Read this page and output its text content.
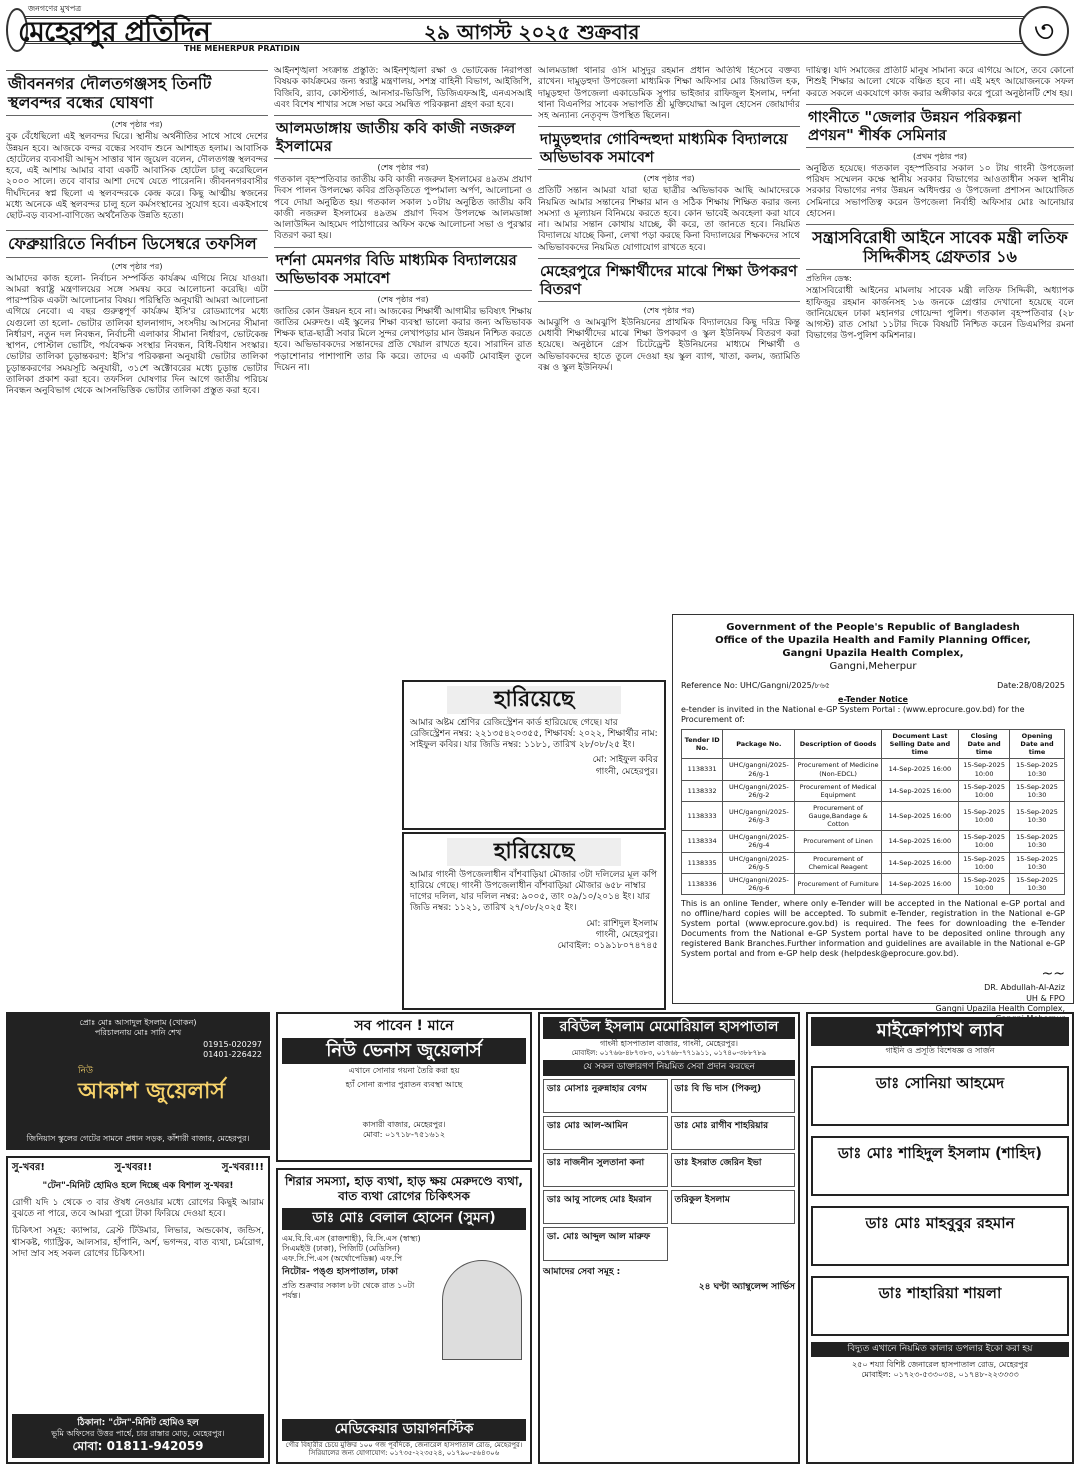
জনগণের মুখপত্র
মেহেরপুর প্রতিদিন
THE MEHERPUR PRATIDIN
২৯ আগস্ট ২০২৫ শুক্রবার	৩
জীবননগর দৌলতগঞ্জসহ তিনটি স্থলবন্দর বন্ধের ঘোষণা
(শেষ পৃষ্ঠার পর)

বুক বেঁধেছিলো এই স্থলবন্দর ঘিরে। স্থানীয় অর্থনীতির সাথে সাথে দেশের উন্নয়ন হবে। আজকে বন্দর বন্ধের সংবাদ শুনে আশাহত হলাম। আবাসিক হোটেলের ব্যবসায়ী আব্দুস সাত্তার খান জুয়েল বলেন, দৌলতগঞ্জ স্থলবন্দর হবে, এই আশায় আমার বাবা একটি আবাসিক হোটেল চালু করেছিলেন ২০০০ সালে। তবে বাবার আশা দেখে যেতে পারেননি। জীবননগরবাসীর দীর্ঘদিনের স্বপ্ন ছিলো এ স্থলবন্দরকে কেন্দ্র করে। কিছু আত্মীয় স্বজনের মধ্যে অনেকে এই স্থলবন্দর চালু হলে কর্মসংস্থানের সুযোগ হবে। একইসাথে ছোট-বড় ব্যবসা-বাণিজ্যে অর্থনৈতিক উন্নতি হতো।

ফেব্রুয়ারিতে নির্বাচন ডিসেম্বরে তফসিল
(শেষ পৃষ্ঠার পর)

আমাদের কাজ হলো- নির্বাচন সম্পর্কিত কার্যক্রম এগিয়ে নিয়ে যাওয়া। আমরা স্বরাষ্ট্র মন্ত্রণালয়ের সঙ্গে সমন্বয় করে আলোচনা করেছি। এটা পারস্পরিক একটা আলোচনার বিষয়। পরিস্থিতি অনুযায়ী আমরা আলোচনা এগিয়ে নেবো। এ বছর গুরুত্বপূর্ণ কার্যক্রম ইসি'র রোডম্যাপের মধ্যে যেগুলো তা হলো- ভোটার তালিকা হালনাগাদ, সংসদীয় আসনের সীমানা নির্ধারণ, নতুন দল নিবন্ধন, নির্বাচনী এলাকার সীমানা নির্ধারণ, ভোটকেন্দ্র স্থাপন, পোস্টাল ভোটিং, পর্যবেক্ষক সংস্থার নিবন্ধন, বিধি-বিধান সংস্কার। ভোটার তালিকা চূড়ান্তকরণ: ইসি'র পরিকল্পনা অনুযায়ী ভোটার তালিকা চূড়ান্তকরণের সময়সূচি অনুযায়ী, ৩১শে অক্টোবরের মধ্যে চূড়ান্ত ভোটার তালিকা প্রকাশ করা হবে। তফসিল ঘোষণার দিন আগে জাতীয় পরিচয় নিবন্ধন অনুবিভাগ থেকে আসনভিত্তিক ভোটার তালিকা প্রস্তুত করা হবে।

আইনশৃঙ্খলা সংক্রান্ত প্রস্তুতি: আইনশৃঙ্খলা রক্ষা ও ভোটকেন্দ্র নিরাপত্তা বিষয়ক কার্যক্রমের জন্য স্বরাষ্ট্র মন্ত্রণালয়, সশস্ত্র বাহিনী বিভাগ, আইজিপি, বিজিবি, র‍্যাব, কোস্টগার্ড, আনসার-ভিডিপি, ডিজিএফআই, এনএসআই এবং বিশেষ শাখার সঙ্গে সভা করে সমন্বিত পরিকল্পনা গ্রহণ করা হবে।

আলমডাঙ্গায় জাতীয় কবি কাজী নজরুল ইসলামের
(শেষ পৃষ্ঠার পর)

গতকাল বৃহস্পতিবার জাতীয় কবি কাজী নজরুল ইসলামের ৪৯তম প্রয়াণ দিবস পালন উপলক্ষ্যে কবির প্রতিকৃতিতে পুষ্পমাল্য অর্পণ, আলোচনা ও পবে দোয়া অনুষ্ঠিত হয়। গতকাল সকাল ১০টায় অনুষ্ঠিত জাতীয় কবি কাজী নজরুল ইসলামের ৪৯তম প্রয়াণ দিবস উপলক্ষে আলমডাঙ্গা আলাউদ্দিন আহমেদ পাঠাগারের অফিস কক্ষে আলোচনা সভা ও পুরস্কার বিতরণ করা হয়।

দর্শনা মেমনগর বিডি মাধ্যমিক বিদ্যালয়ের অভিভাবক সমাবেশ
(শেষ পৃষ্ঠার পর)

জাতির কোন উন্নয়ন হবে না। আজকের শিক্ষার্থী আগামীর ভবিষ্যৎ শিক্ষায় জাতির মেরুদণ্ড। এই স্কুলের শিক্ষা ব্যবস্থা ভালো করার জন্য অভিভাবক শিক্ষক ছাত্র-ছাত্রী সবার মিলে সুন্দর লেখাপড়ার মান উন্নয়ন নিশ্চিত করতে হবে। অভিভাবকদের সন্তানদের প্রতি খেয়াল রাখতে হবে। সারাদিন রাত পড়াশোনার পাশাপাশি তার কি করে। তাদের এ একটি মোবাইল তুলে দিয়েন না।

আলমডাঙ্গা থানার ওসি মাসুদুর রহমান প্রধান অতিথি হিসেবে বক্তব্য রাখেন। দামুড়হুদা উপজেলা মাধ্যমিক শিক্ষা অফিসার মোঃ জিয়াউল হক, দামুড়হুদা উপজেলা একাডেমিক সুপার ভাইজার রাফিজুল ইসলাম, দর্শনা থানা বিএনপির সাবেক সভাপতি শ্রী মুক্তিযোদ্ধা আবুল হোসেন জোয়ার্দার সহ অন্যান্য নেতৃবৃন্দ উপস্থিত ছিলেন।

দামুড়হুদার গোবিন্দহুদা মাধ্যমিক বিদ্যালয়ে অভিভাবক সমাবেশ
(শেষ পৃষ্ঠার পর)

প্রতিটি সন্তান আমরা যারা ছাত্র ছাত্রীর অভিভাবক আছি আমাদেরকে নিয়মিত আমার সন্তানের শিক্ষার মান ও সঠিক শিক্ষায় শিক্ষিত করার জন্য সমস্যা ও মূল্যায়ন বিনিময়ে করতে হবে। কোন ভাবেই অবহেলা করা যাবে না। আমার সন্তান কোথায় যাচ্ছে, কী করে, তা জানতে হবে। নিয়মিত বিদ্যালয়ে যাচ্ছে কিনা, লেখা পড়া করছে কিনা বিদ্যালয়ের শিক্ষকদের সাথে অভিভাবকদের নিয়মিত যোগাযোগ রাখতে হবে।

মেহেরপুরে শিক্ষার্থীদের মাঝে শিক্ষা উপকরণ বিতরণ
(শেষ পৃষ্ঠার পর)

আমঝুপি ও আমঝুপি ইউনিয়নের প্রাথমিক বিদ্যালয়ের কিছু দরিদ্র কিন্তু মেধাবী শিক্ষার্থীদের মাঝে শিক্ষা উপকরণ ও স্কুল ইউনিফর্ম বিতরণ করা হয়েছে। অনুষ্ঠানে গ্রেস চিটেড্রেন্ট ইউনিয়নের মাধ্যমে শিক্ষার্থী ও অভিভাবকদের হাতে তুলে দেওয়া হয় স্কুল ব্যাগ, খাতা, কলম, জ্যামিতি বক্স ও স্কুল ইউনিফর্ম।

দায়িত্ব। যদি সমাজের প্রতিটি মানুষ সামান্য করে এগিয়ে আসে, তবে কোনো শিশুই শিক্ষার আলো থেকে বঞ্চিত হবে না। এই মহৎ আয়োজনকে সফল করতে সকলে একযোগে কাজ করার অঙ্গীকার করে পুরো অনুষ্ঠানটি শেষ হয়।

গাংনীতে "জেলার উন্নয়ন পরিকল্পনা প্রণয়ন" শীর্ষক সেমিনার
(প্রথম পৃষ্ঠার পর)

অনুষ্ঠিত হয়েছে। গতকাল বৃহস্পতিবার সকাল ১০ টায় গাংনী উপজেলা পরিষদ সম্মেলন কক্ষে স্থানীয় সরকার বিভাগের আওতাধীন সকল স্থানীয় সরকার বিভাগের নগর উন্নয়ন অধিদপ্তর ও উপজেলা প্রশাসন আয়োজিত সেমিনারে সভাপতিত্ব করেন উপজেলা নির্বাহী অফিসার মোঃ আনোয়ার হোসেন।

সন্ত্রাসবিরোধী আইনে সাবেক মন্ত্রী লতিফ সিদ্দিকীসহ গ্রেফতার ১৬
প্রতিদিন ডেস্ক:

সন্ত্রাসবিরোধী আইনের মামলায় সাবেক মন্ত্রী লতিফ সিদ্দিকী, অধ্যাপক হাফিজুর রহমান কার্জনসহ ১৬ জনকে গ্রেপ্তার দেখানো হয়েছে বলে জানিয়েছেন ঢাকা মহানগর গোয়েন্দা পুলিশ। গতকাল বৃহস্পতিবার (২৮ আগস্ট) রাত সোয়া ১১টার দিকে বিষয়টি নিশ্চিত করেন ডিএমপির রমনা বিভাগের উপ-পুলিশ কমিশনার।

হারিয়েছে

আমার অষ্টম শ্রেণির রেজিস্ট্রেশন কার্ড হারিয়েছে গেছে। যার রেজিস্ট্রেশন নম্বর: ২২১৩৫৪২০৩৫৫, শিক্ষাবর্ষ: ২০২২, শিক্ষার্থীর নাম: সাইফুল কবির। যার জিডি নম্বর: ১১৮১, তারিখ ২৮/০৮/২৫ ইং।

মো: সাইফুল কবির

গাংনী, মেহেরপুর।

হারিয়েছে

আমার গাংনী উপজেলাধীন বাঁশবাড়িয়া মৌজার ৩টা দলিলের মূল কপি হারিয়ে গেছে। গাংনী উপজেলাধীন বাঁশবাড়িয়া মৌজার ৬৫৮ নাম্বার দাগের দলিল, যার দলিল নম্বর: ৯০০৫, তাং ০৯/১০/২০১৪ ইং। যার জিডি নম্বর: ১১২১, তারিখ ২৭/০৮/২০২৫ ইং।

মো: রাশিদুল ইসলাম

গাংনী, মেহেরপুর।

মোবাইল: ০১৯১৮০৭৪৭৪৫

Government of the People's Republic of Bangladesh
Office of the Upazila Health and Family Planning Officer,
Gangni Upazila Health Complex,
Gangni,Meherpur
Reference No: UHC/Gangni/2025/৮৬৫	Date:28/08/2025
e-Tender Notice
e-tender is invited in the National e-GP System Portal : (www.eprocure.gov.bd) for the Procurement of:
Tender ID No.	Package No.	Description of Goods	Document Last Selling Date and time	Closing Date and time	Opening Date and time
1138331	UHC/gangni/2025-26/g-1	Procurement of Medicine (Non-EDCL)	14-Sep-2025 16:00	15-Sep-2025 10:00	15-Sep-2025 10:30
1138332	UHC/gangni/2025-26/g-2	Procurement of Medical Equipment	14-Sep-2025 16:00	15-Sep-2025 10:00	15-Sep-2025 10:30
1138333	UHC/gangni/2025-26/g-3	Procurement of Gauge,Bandage & Cotton	14-Sep-2025 16:00	15-Sep-2025 10:00	15-Sep-2025 10:30
1138334	UHC/gangni/2025-26/g-4	Procurement of Linen	14-Sep-2025 16:00	15-Sep-2025 10:00	15-Sep-2025 10:30
1138335	UHC/gangni/2025-26/g-5	Procurement of Chemical Reagent	14-Sep-2025 16:00	15-Sep-2025 10:00	15-Sep-2025 10:30
1138336	UHC/gangni/2025-26/g-6	Procurement of Furniture	14-Sep-2025 16:00	15-Sep-2025 10:00	15-Sep-2025 10:30
This is an online Tender, where only e-Tender will be accepted in the National e-GP portal and no offline/hard copies will be accepted. To submit e-Tender, registration in the National e-GP System portal (www.eprocure.gov.bd) is required. The fees for downloading the e-Tender Documents from the National e-GP System portal have to be deposited online through any registered Bank Branches.Further information and guidelines are available in the National e-GP System portal and from e-GP help desk (helpdesk@eprocure.gov.bd).
~~
DR. Abdullah-Al-Aziz
UH & FPO
Gangni Upazila Health Complex,
প্রোঃ মোঃ আসাদুল ইসলাম (খোকন)
পরিচালনায় মোঃ সানি শেখ
01915-020297
01401-226422
নিউ
আকাশ জুয়েলার্স
জিনিয়াস স্কুলের গেটের সামনে প্রধান সড়ক, কাঁশারী বাজার, মেহেরপুর।
সব পাবেন ! মানে
নিউ ভেনাস জুয়েলার্স
এখানে সোনার গয়না তৈরি করা হয়
হ্যাঁ সোনা রূপার পুরাতন ব্যবস্থা আছে
কাসারী বাজার, মেহেরপুর।
মোবা: ০১৭১৮-৭৫১৬১২
রবিউল ইসলাম মেমোরিয়াল হাসপাতাল
গাংনী হাসপাতাল বাজার, গাংনী, মেহেরপুর।
মোবাইল: ০১৭৬৬-৪৮৭৩৮৩, ০১৭৬৮-৭৭১৯১১, ০১৭৪০-৩৮৮৭৮৯
যে সকল ডাক্তারগণ নিয়মিত সেবা প্রদান করছেন
ডাঃ মোসাঃ নুরুন্নাহার বেগম	ডাঃ বি ভি দাস (পিকলু)
ডাঃ মোঃ আল-আমিন	ডাঃ মোঃ রাগীব শাহরিয়ার
ডাঃ নাজনীন সুলতানা কনা	ডাঃ ইসরাত জেরিন ইভা
ডাঃ আবু সালেহ মোঃ ইমরান	তরিকুল ইসলাম
ডা. মোঃ আব্দুল আল মারুফ
আমাদের সেবা সমূহ :
২৪ ঘণ্টা অ্যাম্বুলেন্স সার্ভিস
মাইক্রোপ্যাথ ল্যাব
গাইনি ও প্রসূতি বিশেষজ্ঞ ও সার্জন
ডাঃ সোনিয়া আহমেদ
ডাঃ মোঃ শাহিদুল ইসলাম (শাহিদ)
ডাঃ মোঃ মাহবুবুর রহমান
ডাঃ শাহারিয়া শায়লা
বিদ্যুত এখানে নিয়মিত কালার ডপলার ইকো করা হয়
২৫০ শয্যা বিশিষ্ট জেনারেল হাসপাতাল রোড, মেহেরপুর
মোবাইল: ০১৭২৩-৫৩৩০৩৪, ০১৭৪৮-২২৩৩৩৩
সু-খবর!	সু-খবর!!	সু-খবর!!!
"টেন"-মিনিট হোমিও হলে দিচ্ছে এক বিশাল সু-খবর!

রোগী যদি ১ থেকে ৩ বার ঔষধ নেওয়ার মধ্যে রোগের কিছুই আরাম বুঝতে না পারে, তবে আমরা পুরো টাকা ফিরিয়ে দেওয়া হবে।

চিকিৎসা সমূহ: ক্যান্সার, ব্রেস্ট টিউমার, লিভার, অন্ডকোষ, জন্ডিস, শ্বাসকষ্ট, গ্যাস্ট্রিক, আলসার, হাঁপানি, অর্শ, ভগন্দর, বাত ব্যথা, চর্মরোগ, সাদা স্রাব সহ সকল রোগের চিকিৎসা।

ঠিকানা: "টেন"-মিনিট হোমিও হল
ভূমি অফিসের উত্তর পার্শ্বে, চার রাস্তার মোড়, মেহেরপুর।
মোবা: 01811-942059
শিরার সমস্যা, হাড় ব্যথা, হাড় ক্ষয় মেরুদণ্ডে ব্যথা, বাত ব্যথা রোগের চিকিৎসক
ডাঃ মোঃ বেলাল হোসেন (সুমন)
এম.বি.বি.এস (রাজশাহী), বি.সি.এস (স্বাস্থ্য) সিএমইউ (ঢাকা), পিজিটি (মেডিসিন) এফ.সি.পি.এস (অর্থোপেডিক্স) এফ.পি
নিটোর- পঙ্গু হাসপাতাল, ঢাকা
প্রতি শুক্রবার সকাল ৮টা থেকে রাত ১০টা পর্যন্ত।
মেডিকেয়ার ডায়াগনস্টিক
গৌর বিহারীর চেয়ে মুক্তির ১০০ গজ পূর্বদিকে, জেনারেল হাসপাতাল রোড, মেহেরপুর।
সিরিয়ালের জন্য যোগাযোগ: ০১৭৩৫-২২৩৫২৪, ০১৭৯০-৫৬৪৩০৬
